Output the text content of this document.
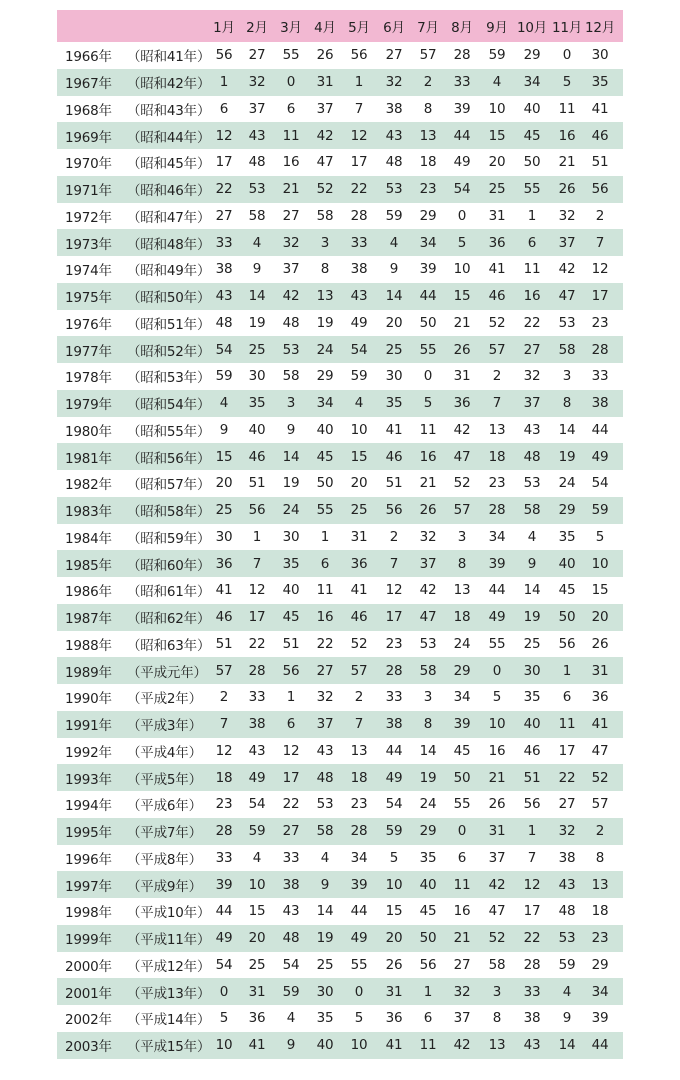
1月 2月 3月 4月 5月 6月 7月 8月 9月 10月 11月 12月
1966年 （昭和41年） 56	27	55	26	56	27	57	28	59	29	0	30
1967年 （昭和42年） 1	32	0	31	1	32	2	33	4	34	5	35
1968年 （昭和43年） 6	37	6	37	7	38	8	39	10	40	11	41
1969年 （昭和44年） 12	43	11	42	12	43	13	44	15	45	16	46
1970年 （昭和45年） 17	48	16	47	17	48	18	49	20	50	21	51
1971年 （昭和46年） 22	53	21	52	22	53	23	54	25	55	26	56
1972年 （昭和47年） 27	58	27	58	28	59	29	0	31	1	32	2
1973年 （昭和48年） 33	4	32	3	33	4	34	5	36	6	37	7
1974年 （昭和49年） 38	9	37	8	38	9	39	10	41	11	42	12
1975年 （昭和50年） 43	14	42	13	43	14	44	15	46	16	47	17
1976年 （昭和51年） 48	19	48	19	49	20	50	21	52	22	53	23
1977年 （昭和52年） 54	25	53	24	54	25	55	26	57	27	58	28
1978年 （昭和53年） 59	30	58	29	59	30	0	31	2	32	3	33
1979年 （昭和54年） 4	35	3	34	4	35	5	36	7	37	8	38
1980年 （昭和55年） 9	40	9	40	10	41	11	42	13	43	14	44
1981年 （昭和56年） 15	46	14	45	15	46	16	47	18	48	19	49
1982年 （昭和57年） 20	51	19	50	20	51	21	52	23	53	24	54
1983年 （昭和58年） 25	56	24	55	25	56	26	57	28	58	29	59
1984年 （昭和59年） 30	1	30	1	31	2	32	3	34	4	35	5
1985年 （昭和60年） 36	7	35	6	36	7	37	8	39	9	40	10
1986年 （昭和61年） 41	12	40	11	41	12	42	13	44	14	45	15
1987年 （昭和62年） 46	17	45	16	46	17	47	18	49	19	50	20
1988年 （昭和63年） 51	22	51	22	52	23	53	24	55	25	56	26
1989年 （平成元年） 57	28	56	27	57	28	58	29	0	30	1	31
1990年 （平成2年）	2	33	1	32	2	33	3	34	5	35	6	36
1991年 （平成3年）	7	38	6	37	7	38	8	39	10	40	11	41
1992年 （平成4年）	12	43	12	43	13	44	14	45	16	46	17	47
1993年 （平成5年）	18	49	17	48	18	49	19	50	21	51	22	52
1994年 （平成6年）	23	54	22	53	23	54	24	55	26	56	27	57
1995年 （平成7年）	28	59	27	58	28	59	29	0	31	1	32	2
1996年 （平成8年）	33	4	33	4	34	5	35	6	37	7	38	8
1997年 （平成9年）	39	10	38	9	39	10	40	11	42	12	43	13
1998年 （平成10年） 44	15	43	14	44	15	45	16	47	17	48	18
1999年 （平成11年） 49	20	48	19	49	20	50	21	52	22	53	23
2000年 （平成12年） 54	25	54	25	55	26	56	27	58	28	59	29
2001年 （平成13年） 0	31	59	30	0	31	1	32	3	33	4	34
2002年 （平成14年） 5	36	4	35	5	36	6	37	8	38	9	39
2003年 （平成15年） 10	41	9	40	10	41	11	42	13	43	14	44
